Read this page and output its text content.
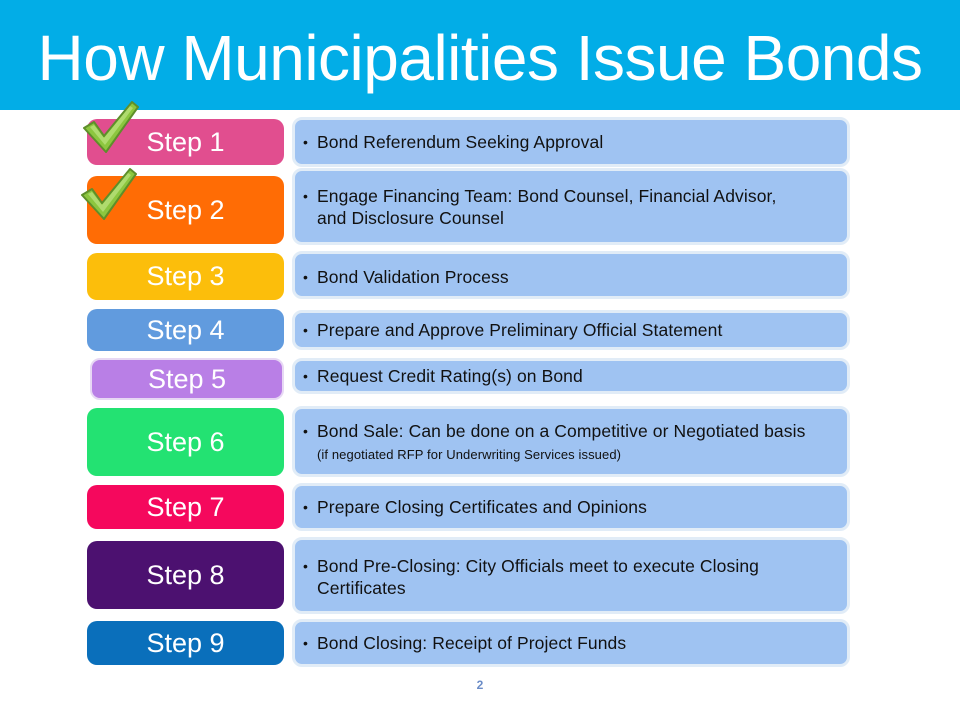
How Municipalities Issue Bonds
Step 1	• Bond Referendum Seeking Approval
Step 2	• Engage Financing Team: Bond Counsel, Financial Advisor, and Disclosure Counsel
Step 3	• Bond Validation Process
Step 4	• Prepare and Approve Preliminary Official Statement
Step 5	• Request Credit Rating(s) on Bond
Step 6	• Bond Sale: Can be done on a Competitive or Negotiated basis (if negotiated RFP for Underwriting Services issued)
Step 7	• Prepare Closing Certificates and Opinions
Step 8	• Bond Pre-Closing: City Officials meet to execute Closing Certificates
Step 9	• Bond Closing: Receipt of Project Funds
2
